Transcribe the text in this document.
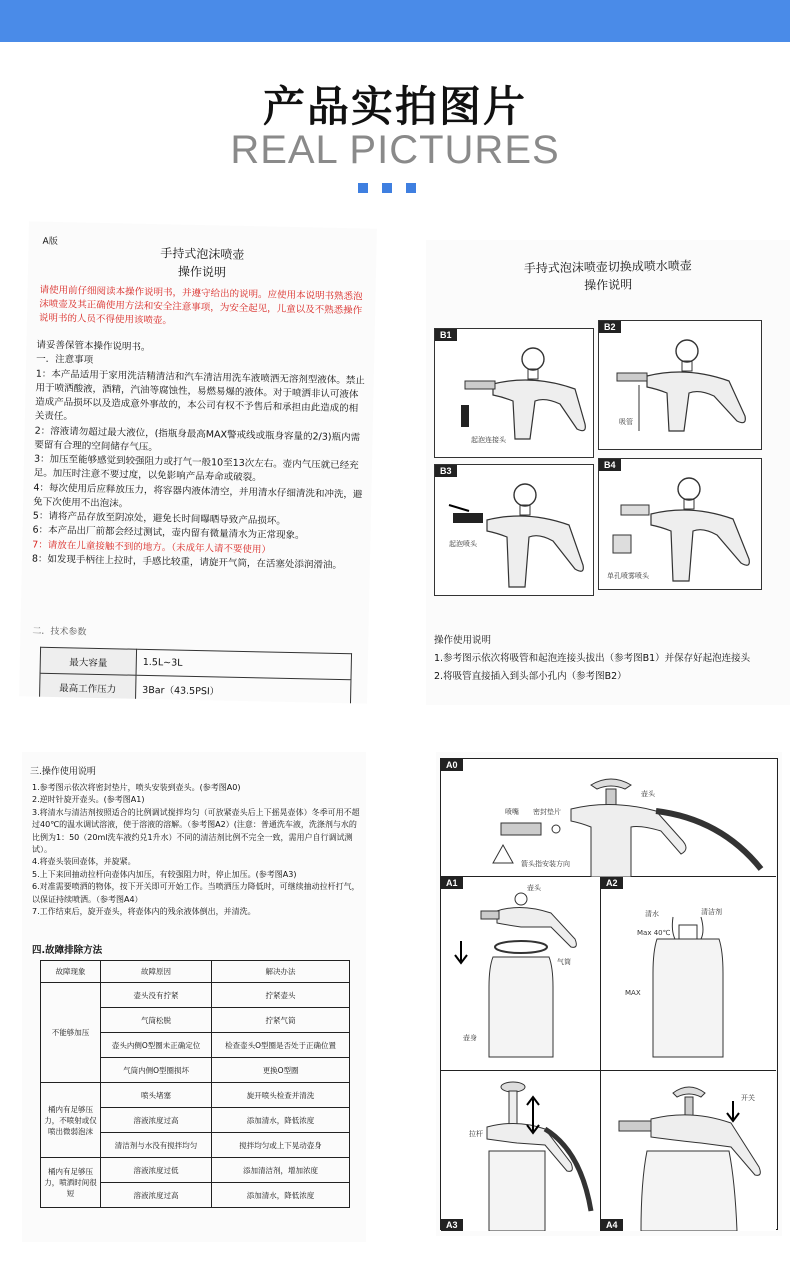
产品实拍图片
REAL PICTURES
A版
手持式泡沫喷壶
操作说明
请使用前仔细阅读本操作说明书，并遵守给出的说明。应使用本说明书熟悉泡沫喷壶及其正确使用方法和安全注意事项，为安全起见，儿童以及不熟悉操作说明书的人员不得使用该喷壶。

请妥善保管本操作说明书。

一．注意事项

1：本产品适用于家用洗洁精清洁和汽车清洁用洗车液喷洒无溶剂型液体。禁止用于喷洒酸液，酒精，汽油等腐蚀性，易燃易爆的液体。对于喷洒非认可液体造成产品损坏以及造成意外事故的，本公司有权不予售后和承担由此造成的相关责任。

2：溶液请勿超过最大液位，(指瓶身最高MAX警戒线或瓶身容量的2/3)瓶内需要留有合理的空间储存气压。

3：加压至能够感觉到较强阻力或打气一般10至13次左右。壶内气压就已经充足。加压时注意不要过度，以免影响产品寿命或破裂。

4：每次使用后应释放压力，将容器内液体清空，并用清水仔细清洗和冲洗，避免下次使用不出泡沫。

5：请将产品存放至阴凉处，避免长时间曝晒导致产品损坏。

6：本产品出厂前都会经过测试，壶内留有微量清水为正常现象。

7：请放在儿童接触不到的地方。（未成年人请不要使用）

8：如发现手柄往上拉时，手感比较重，请旋开气筒，在活塞处添润滑油。

二．技术参数
最大容量	1.5L~3L
最高工作压力	3Bar（43.5PSI）
手持式泡沫喷壶切换成喷水喷壶
操作说明
B1
起泡连接头
B2
吸管
B3
起泡喷头
B4
单孔喷雾喷头
操作使用说明
1.参考图示依次将吸管和起泡连接头拔出（参考图B1）并保存好起泡连接头
2.将吸管直接插入到头部小孔内（参考图B2）
三.操作使用说明
1.参考图示依次将密封垫片，喷头安装到壶头。(参考图A0)
2.逆时针旋开壶头。(参考图A1)
3.将清水与清洁剂按照适合的比例调试搅拌均匀（可放紧壶头后上下摇晃壶体）冬季可用不超过40℃的温水调试溶液，使于溶液的溶解。（参考图A2）(注意：普通洗车液，洗涤剂与水的比例为1：50（20ml洗车液约兑1升水）不同的清洁剂比例不完全一致，需用户自行调试测试）。
4.将壶头装回壶体，并旋紧。
5.上下来回抽动拉杆向壶体内加压，有较强阻力时，停止加压。(参考图A3)
6.对准需要喷洒的物体，按下开关即可开始工作。当喷洒压力降低时，可继续抽动拉杆打气，以保证持续喷洒。（参考图A4）
7.工作结束后，旋开壶头，将壶体内的残余液体倒出，并清洗。
四.故障排除方法
故障现象	故障原因	解决办法
不能够加压	壶头没有拧紧	拧紧壶头
	气筒松脱	拧紧气筒
	壶头内侧O型圈未正确定位	检查壶头O型圈是否处于正确位置
	气筒内侧O型圈损坏	更换O型圈
桶内有足够压力，不喷射或仅喷出微弱泡沫	喷头堵塞	旋开喷头检查并清洗
	溶液浓度过高	添加清水，降低浓度
	清洁剂与水没有搅拌均匀	搅拌均匀或上下晃动壶身
桶内有足够压力，喷洒时间很短	溶液浓度过低	添加清洁剂，增加浓度
	溶液浓度过高	添加清水，降低浓度
A0
喷嘴 密封垫片
壶头
箭头指安装方向
A1	壶头
气筒
壶身
A2
清水	清洁剂
Max 40℃
MAX
拉杆
A3
开关
A4
